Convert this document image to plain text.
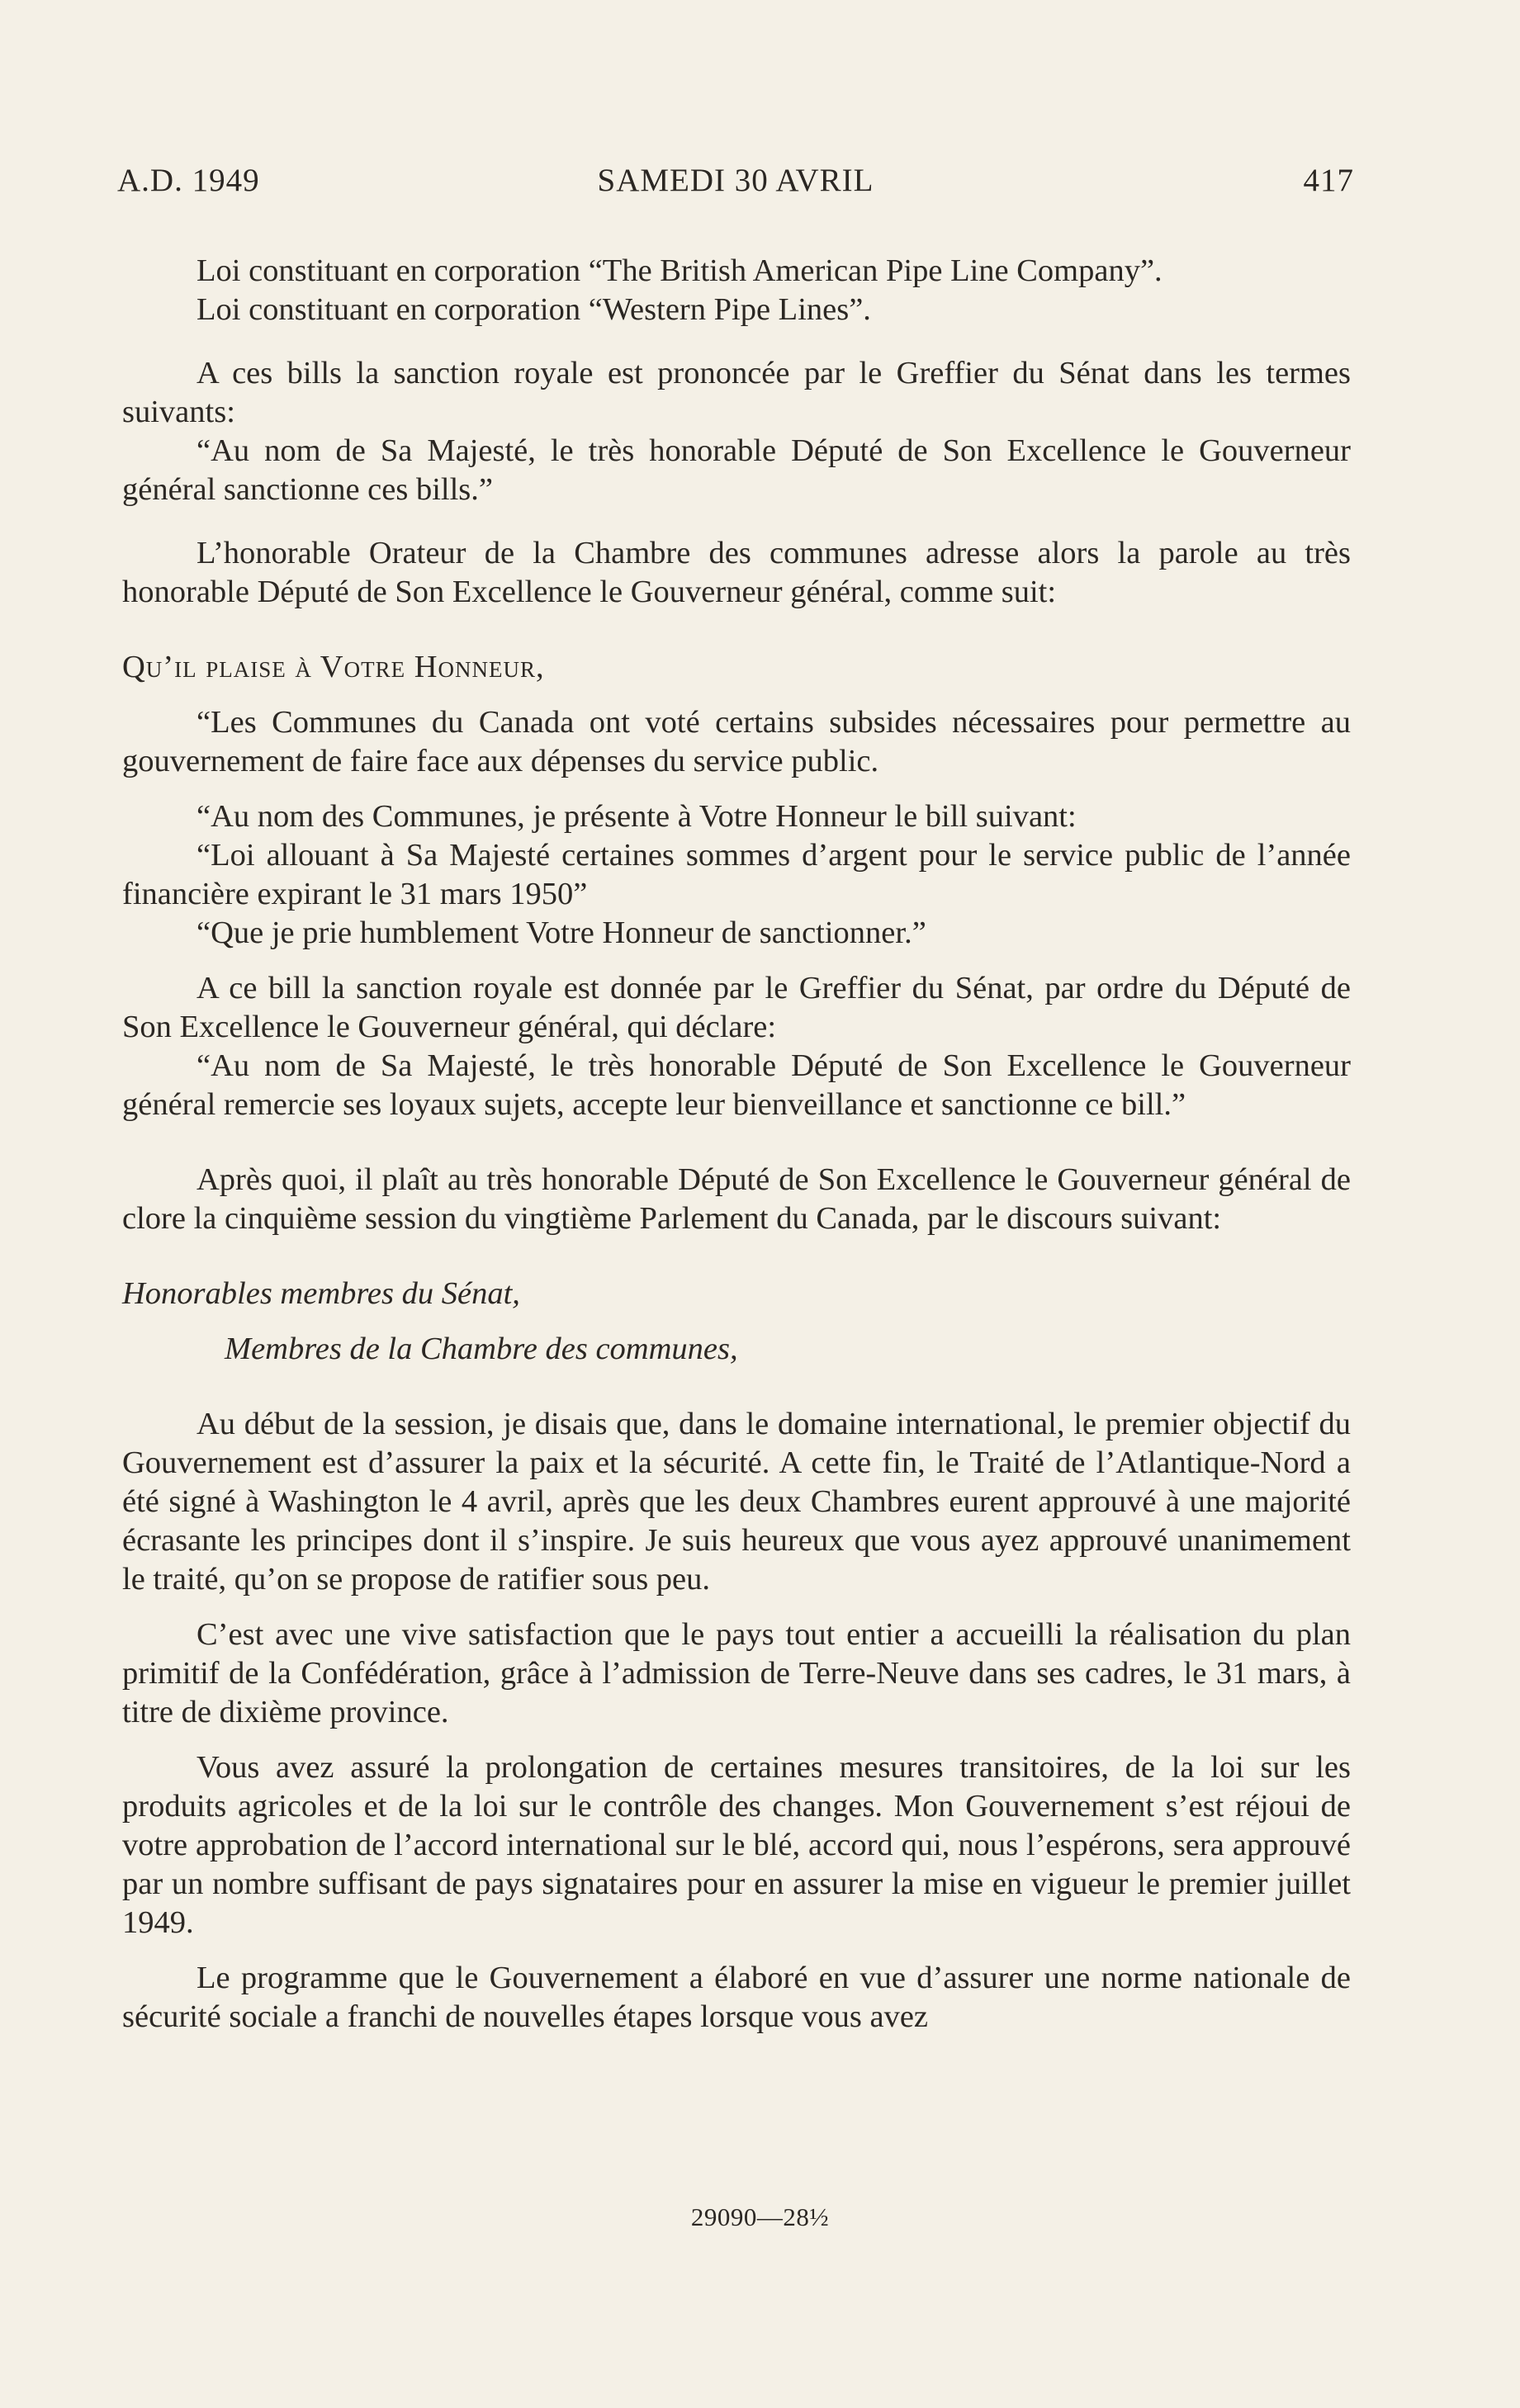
A.D. 1949	SAMEDI 30 AVRIL	417

Loi constituant en corporation “The British American Pipe Line Company”.

Loi constituant en corporation “Western Pipe Lines”.

A ces bills la sanction royale est prononcée par le Greffier du Sénat dans les termes suivants:

“Au nom de Sa Majesté, le très honorable Député de Son Excellence le Gouverneur général sanctionne ces bills.”

L’honorable Orateur de la Chambre des communes adresse alors la parole au très honorable Député de Son Excellence le Gouverneur général, comme suit:

Qu’il plaise à Votre Honneur,

“Les Communes du Canada ont voté certains subsides nécessaires pour permettre au gouvernement de faire face aux dépenses du service public.

“Au nom des Communes, je présente à Votre Honneur le bill suivant:

“Loi allouant à Sa Majesté certaines sommes d’argent pour le service public de l’année financière expirant le 31 mars 1950”

“Que je prie humblement Votre Honneur de sanctionner.”

A ce bill la sanction royale est donnée par le Greffier du Sénat, par ordre du Député de Son Excellence le Gouverneur général, qui déclare:

“Au nom de Sa Majesté, le très honorable Député de Son Excellence le Gouverneur général remercie ses loyaux sujets, accepte leur bienveillance et sanctionne ce bill.”

Après quoi, il plaît au très honorable Député de Son Excellence le Gouverneur général de clore la cinquième session du vingtième Parlement du Canada, par le discours suivant:

Honorables membres du Sénat,

Membres de la Chambre des communes,

Au début de la session, je disais que, dans le domaine international, le premier objectif du Gouvernement est d’assurer la paix et la sécurité. A cette fin, le Traité de l’Atlantique-Nord a été signé à Washington le 4 avril, après que les deux Chambres eurent approuvé à une majorité écrasante les principes dont il s’inspire. Je suis heureux que vous ayez approuvé unanimement le traité, qu’on se propose de ratifier sous peu.

C’est avec une vive satisfaction que le pays tout entier a accueilli la réalisation du plan primitif de la Confédération, grâce à l’admission de Terre-Neuve dans ses cadres, le 31 mars, à titre de dixième province.

Vous avez assuré la prolongation de certaines mesures transitoires, de la loi sur les produits agricoles et de la loi sur le contrôle des changes. Mon Gouvernement s’est réjoui de votre approbation de l’accord international sur le blé, accord qui, nous l’espérons, sera approuvé par un nombre suffisant de pays signataires pour en assurer la mise en vigueur le premier juillet 1949.

Le programme que le Gouvernement a élaboré en vue d’assurer une norme nationale de sécurité sociale a franchi de nouvelles étapes lorsque vous avez

29090—28½
